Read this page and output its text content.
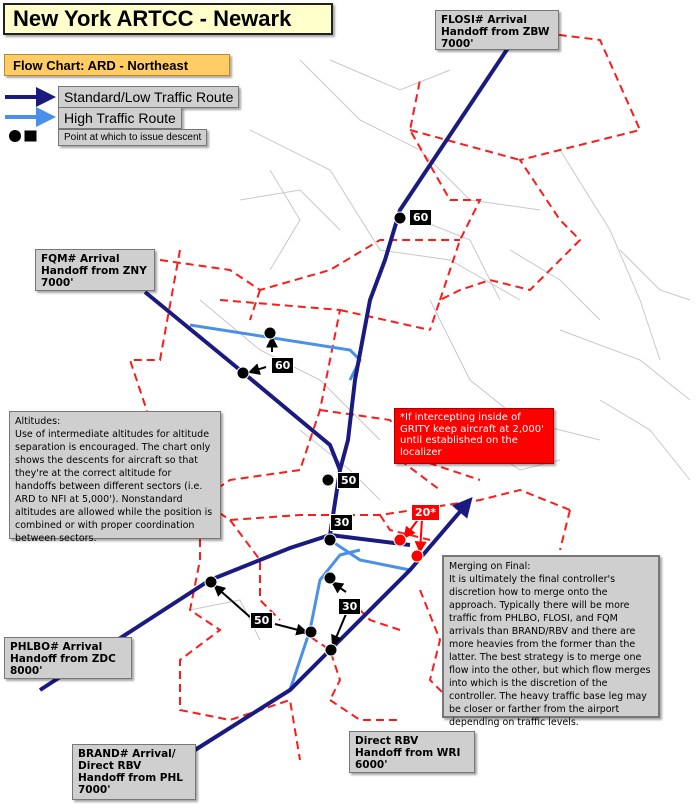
New York ARTCC - Newark
Flow Chart: ARD - Northeast
Standard/Low Traffic Route
High Traffic Route
Point at which to issue descent
FLOSI# Arrival
Handoff from ZBW
7000'
FQM# Arrival
Handoff from ZNY
7000'
PHLBO# Arrival
Handoff from ZDC
8000'
BRAND# Arrival/
Direct RBV
Handoff from PHL
7000'
Direct RBV
Handoff from WRI
6000'
Altitudes:
Use of intermediate altitudes for altitude separation is encouraged. The chart only shows the descents for aircraft so that they're at the correct altitude for handoffs between different sectors (i.e. ARD to NFI at 5,000'). Nonstandard altitudes are allowed while the position is combined or with proper coordination between sectors.
*If intercepting inside of GRITY keep aircraft at 2,000' until established on the localizer
Merging on Final:
It is ultimately the final controller's discretion how to merge onto the approach. Typically there will be more traffic from PHLBO, FLOSI, and FQM arrivals than BRAND/RBV and there are more heavies from the former than the latter. The best strategy is to merge one flow into the other, but which flow merges into which is the discretion of the controller. The heavy traffic base leg may be closer or farther from the airport depending on traffic levels.
60
60
50
30
50
30
20*
